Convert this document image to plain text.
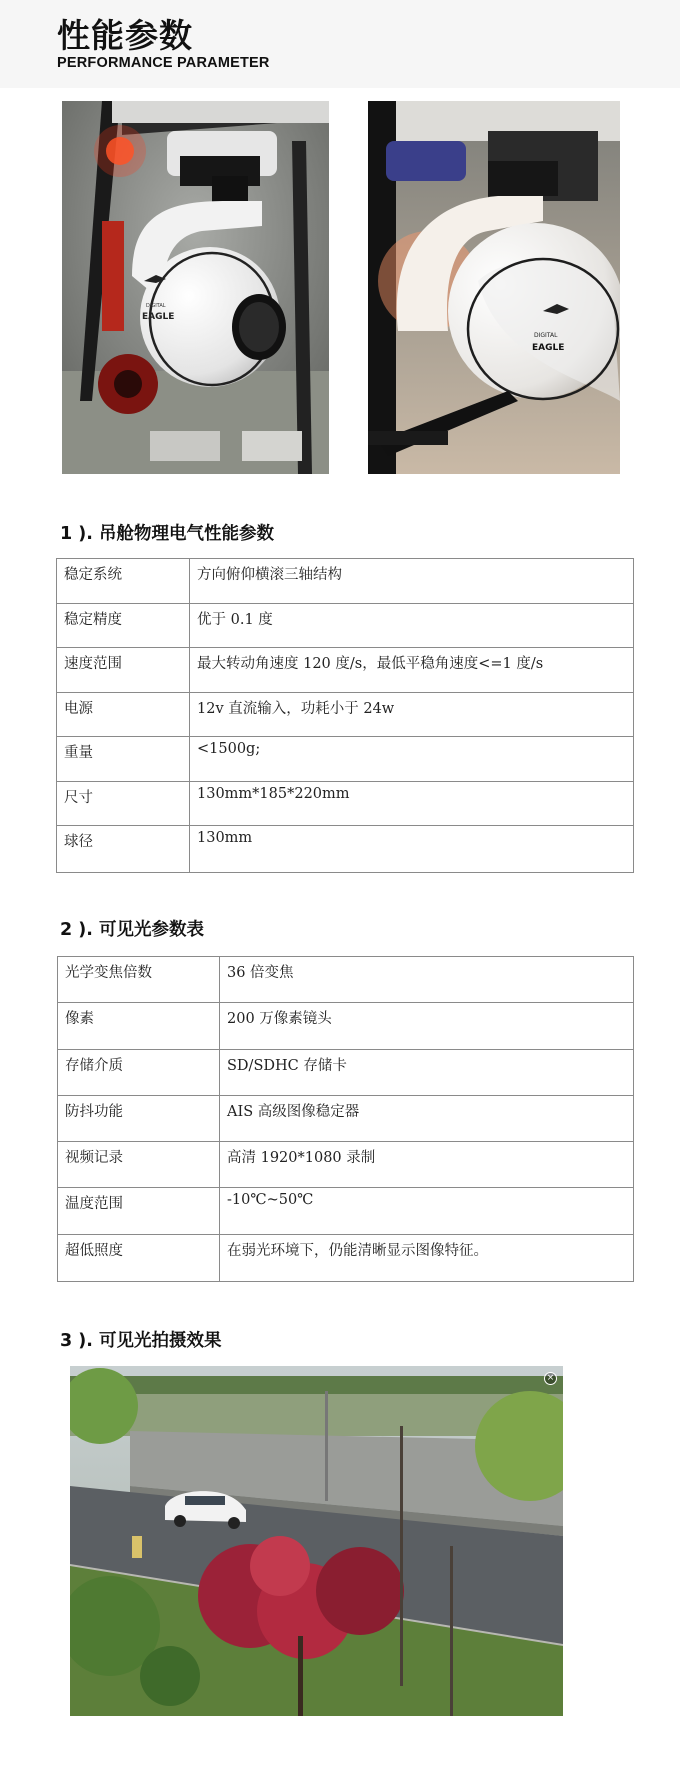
性能参数
PERFORMANCE PARAMETER
DIGITAL
EAGLE
DIGITAL
EAGLE
1 ). 吊舱物理电气性能参数
稳定系统	方向俯仰横滚三轴结构
稳定精度	优于 0.1 度
速度范围	最大转动角速度 120 度/s，最低平稳角速度<=1 度/s
电源	12v 直流输入，功耗小于 24w
重量	<1500g;
尺寸	130mm*185*220mm
球径	130mm
2 ). 可见光参数表
光学变焦倍数	36 倍变焦
像素	200 万像素镜头
存储介质	SD/SDHC 存储卡
防抖功能	AIS 高级图像稳定器
视频记录	高清 1920*1080 录制
温度范围	-10℃~50℃
超低照度	在弱光环境下，仍能清晰显示图像特征。
3 ). 可见光拍摄效果
×
